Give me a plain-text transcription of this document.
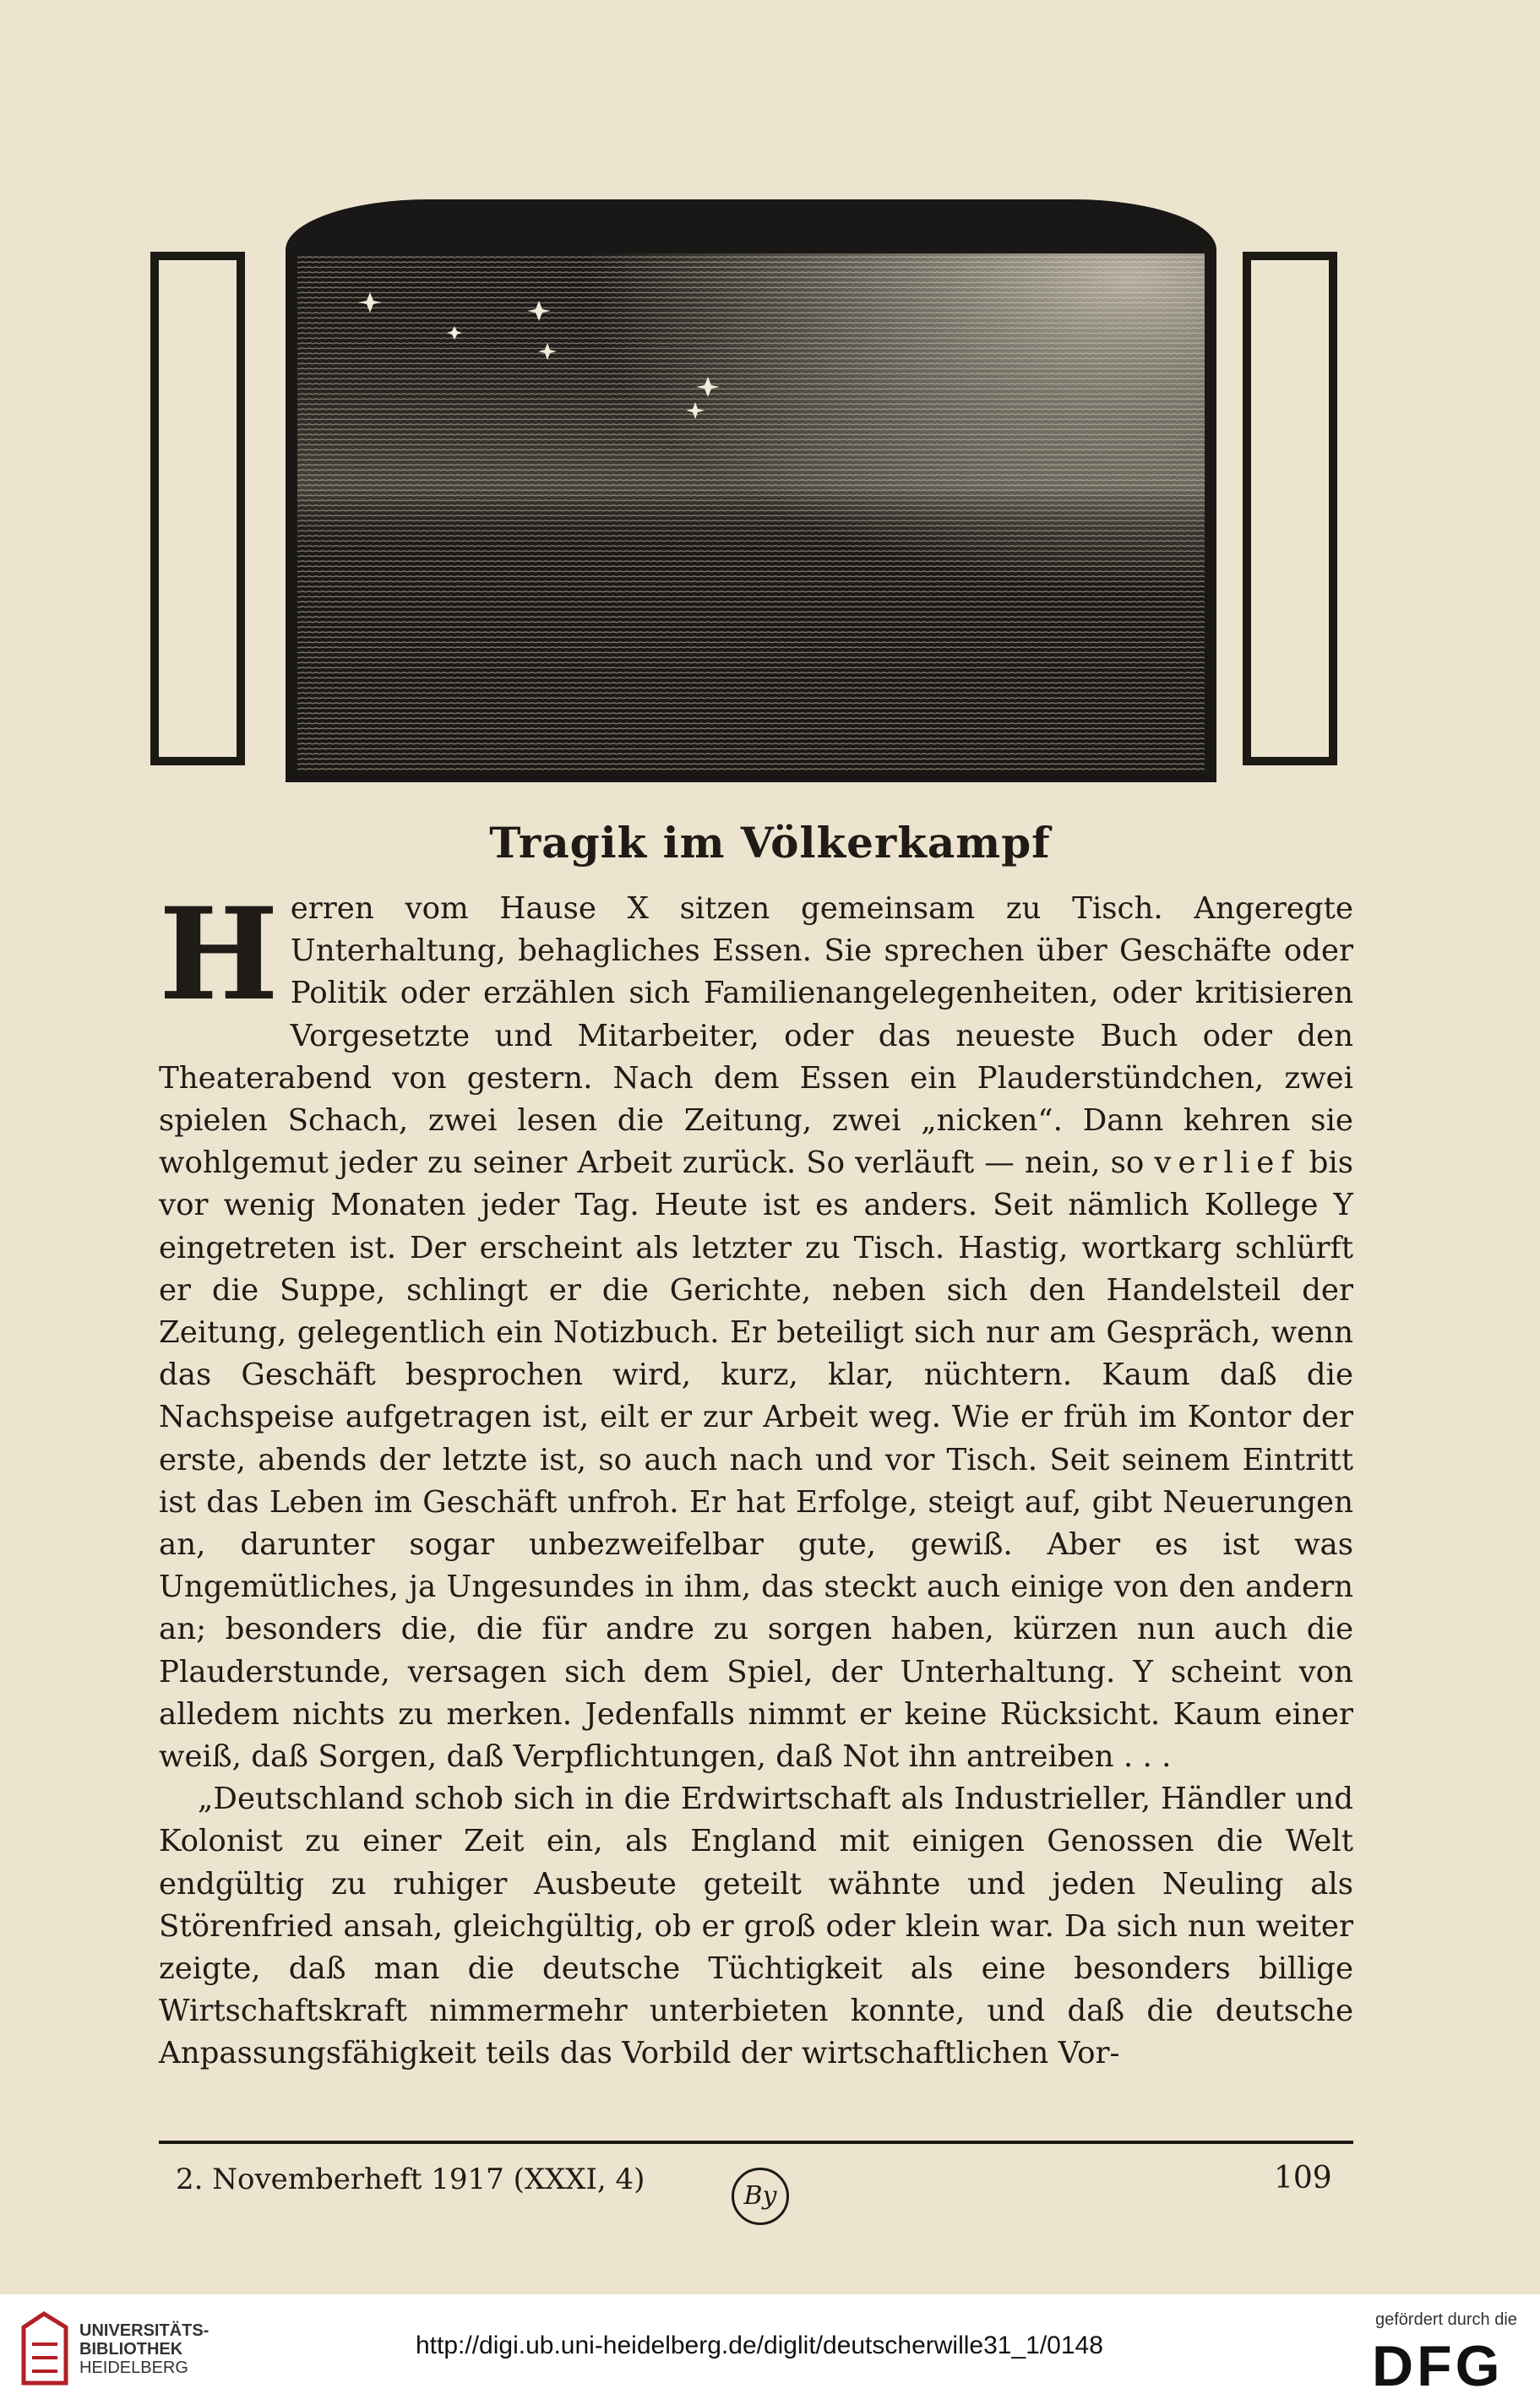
Tragik im Völkerkampf

Herren vom Hause X sitzen gemeinsam zu Tisch. Angeregte Unterhaltung, behagliches Essen. Sie sprechen über Geschäfte oder Politik oder erzählen sich Familienangelegenheiten, oder kritisieren Vorgesetzte und Mitarbeiter, oder das neueste Buch oder den Theaterabend von gestern. Nach dem Essen ein Plauderstündchen, zwei spielen Schach, zwei lesen die Zeitung, zwei „nicken“. Dann kehren sie wohlgemut jeder zu seiner Arbeit zurück. So verläuft — nein, so verlief bis vor wenig Monaten jeder Tag. Heute ist es anders. Seit nämlich Kollege Y eingetreten ist. Der erscheint als letzter zu Tisch. Hastig, wortkarg schlürft er die Suppe, schlingt er die Gerichte, neben sich den Handelsteil der Zeitung, gelegentlich ein Notizbuch. Er beteiligt sich nur am Gespräch, wenn das Geschäft besprochen wird, kurz, klar, nüchtern. Kaum daß die Nachspeise aufgetragen ist, eilt er zur Arbeit weg. Wie er früh im Kontor der erste, abends der letzte ist, so auch nach und vor Tisch. Seit seinem Eintritt ist das Leben im Geschäft unfroh. Er hat Erfolge, steigt auf, gibt Neuerungen an, darunter sogar unbezweifelbar gute, gewiß. Aber es ist was Ungemütliches, ja Ungesundes in ihm, das steckt auch einige von den andern an; besonders die, die für andre zu sorgen haben, kürzen nun auch die Plauderstunde, versagen sich dem Spiel, der Unterhaltung. Y scheint von alledem nichts zu merken. Jedenfalls nimmt er keine Rücksicht. Kaum einer weiß, daß Sorgen, daß Verpflichtungen, daß Not ihn antreiben . . .

„Deutschland schob sich in die Erdwirtschaft als Industrieller, Händler und Kolonist zu einer Zeit ein, als England mit einigen Genossen die Welt endgültig zu ruhiger Ausbeute geteilt wähnte und jeden Neuling als Störenfried ansah, gleichgültig, ob er groß oder klein war. Da sich nun weiter zeigte, daß man die deutsche Tüchtigkeit als eine besonders billige Wirtschaftskraft nimmermehr unterbieten konnte, und daß die deutsche Anpassungsfähigkeit teils das Vorbild der wirtschaftlichen Vor-

2. Novemberheft 1917 (XXXI, 4)	By
109
UNIVERSITÄTS-
BIBLIOTHEK
HEIDELBERG
http://digi.ub.uni-heidelberg.de/diglit/deutscherwille31_1/0148
gefördert durch die
DFG
